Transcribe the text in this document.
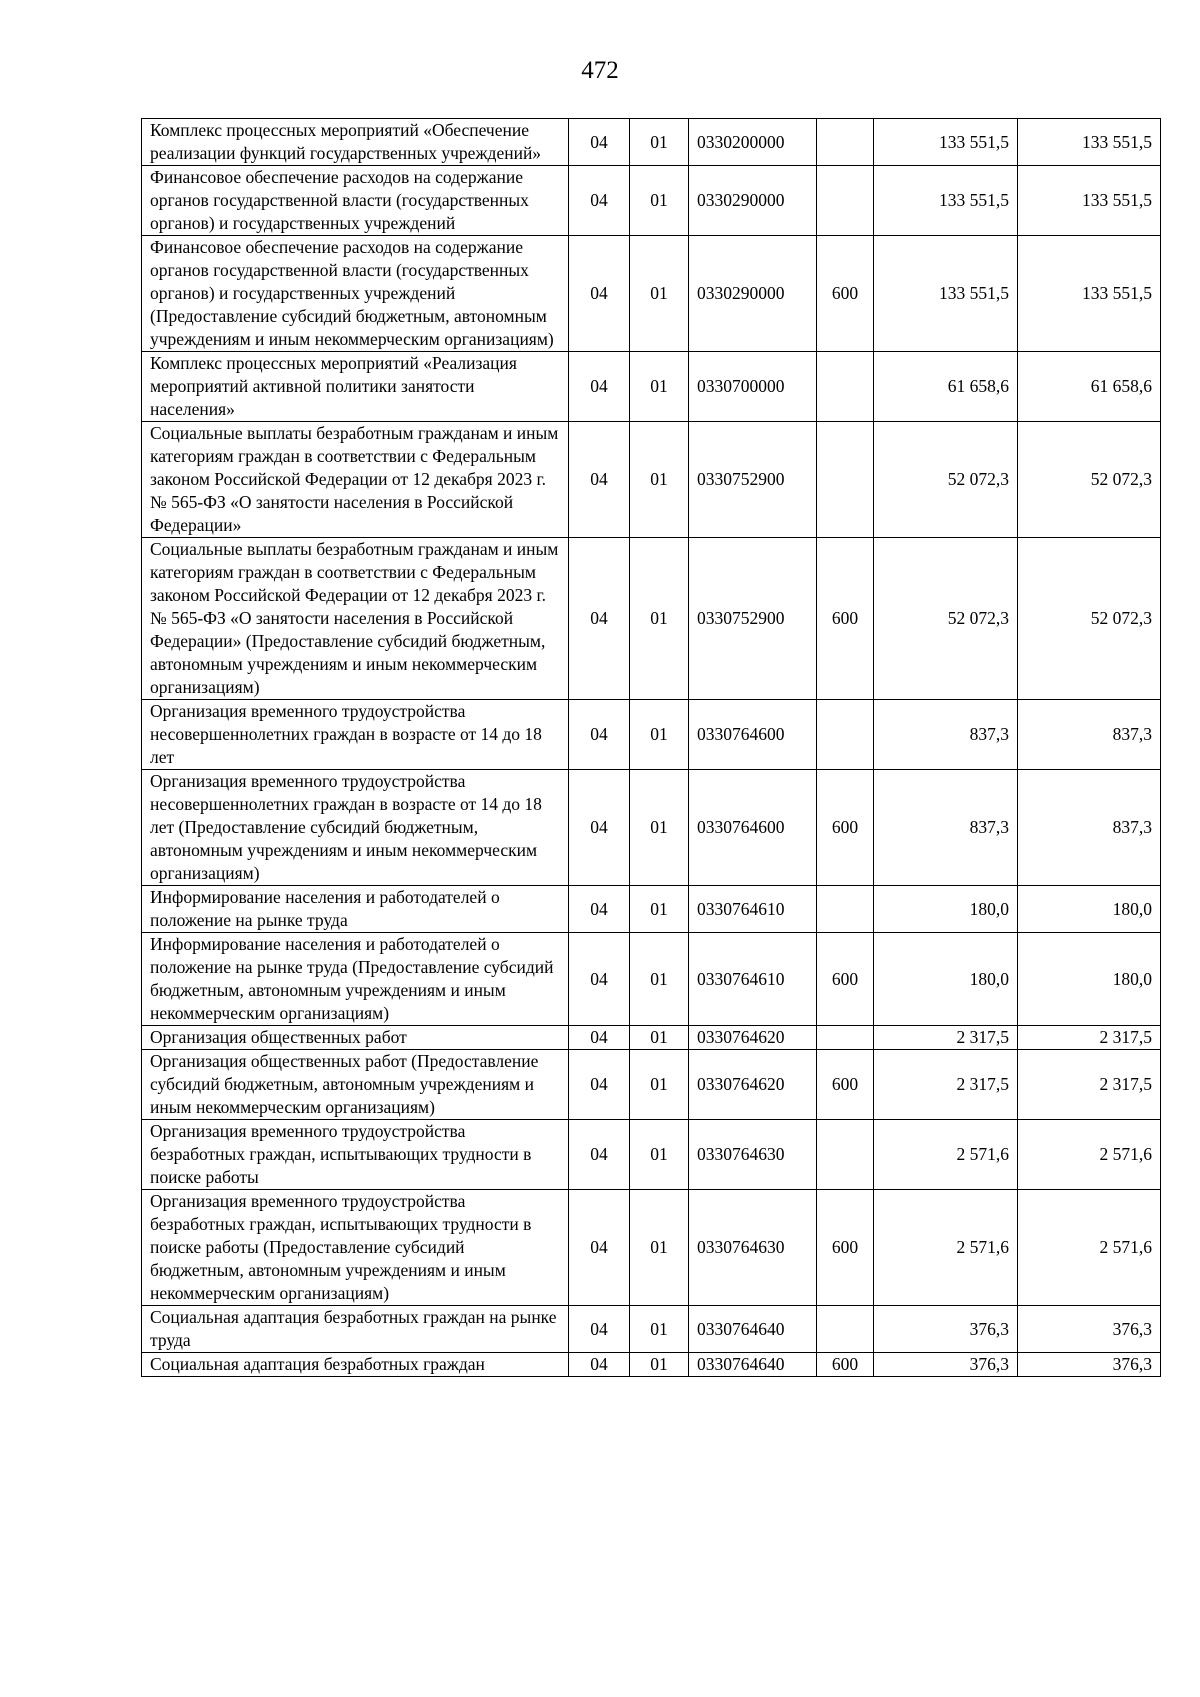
472
Комплекс процессных мероприятий «Обеспечение реализации функций государственных учреждений»	04	01	0330200000		133 551,5	133 551,5
Финансовое обеспечение расходов на содержание органов государственной власти (государственных органов) и государственных учреждений	04	01	0330290000		133 551,5	133 551,5
Финансовое обеспечение расходов на содержание органов государственной власти (государственных органов) и государственных учреждений (Предоставление субсидий бюджетным, автономным учреждениям и иным некоммерческим организациям)	04	01	0330290000	600	133 551,5	133 551,5
Комплекс процессных мероприятий «Реализация мероприятий активной политики занятости населения»	04	01	0330700000		61 658,6	61 658,6
Социальные выплаты безработным гражданам и иным категориям граждан в соответствии с Федеральным законом Российской Федерации от 12 декабря 2023 г. № 565-ФЗ «О занятости населения в Российской Федерации»	04	01	0330752900		52 072,3	52 072,3
Социальные выплаты безработным гражданам и иным категориям граждан в соответствии с Федеральным законом Российской Федерации от 12 декабря 2023 г. № 565-ФЗ «О занятости населения в Российской Федерации» (Предоставление субсидий бюджетным, автономным учреждениям и иным некоммерческим организациям)	04	01	0330752900	600	52 072,3	52 072,3
Организация временного трудоустройства несовершеннолетних граждан в возрасте от 14 до 18 лет	04	01	0330764600		837,3	837,3
Организация временного трудоустройства несовершеннолетних граждан в возрасте от 14 до 18 лет (Предоставление субсидий бюджетным, автономным учреждениям и иным некоммерческим организациям)	04	01	0330764600	600	837,3	837,3
Информирование населения и работодателей о положение на рынке труда	04	01	0330764610		180,0	180,0
Информирование населения и работодателей о положение на рынке труда (Предоставление субсидий бюджетным, автономным учреждениям и иным некоммерческим организациям)	04	01	0330764610	600	180,0	180,0
Организация общественных работ	04	01	0330764620		2 317,5	2 317,5
Организация общественных работ (Предоставление субсидий бюджетным, автономным учреждениям и иным некоммерческим организациям)	04	01	0330764620	600	2 317,5	2 317,5
Организация временного трудоустройства безработных граждан, испытывающих трудности в поиске работы	04	01	0330764630		2 571,6	2 571,6
Организация временного трудоустройства безработных граждан, испытывающих трудности в поиске работы (Предоставление субсидий бюджетным, автономным учреждениям и иным некоммерческим организациям)	04	01	0330764630	600	2 571,6	2 571,6
Социальная адаптация безработных граждан на рынке труда	04	01	0330764640		376,3	376,3
Социальная адаптация безработных граждан	04	01	0330764640	600	376,3	376,3
